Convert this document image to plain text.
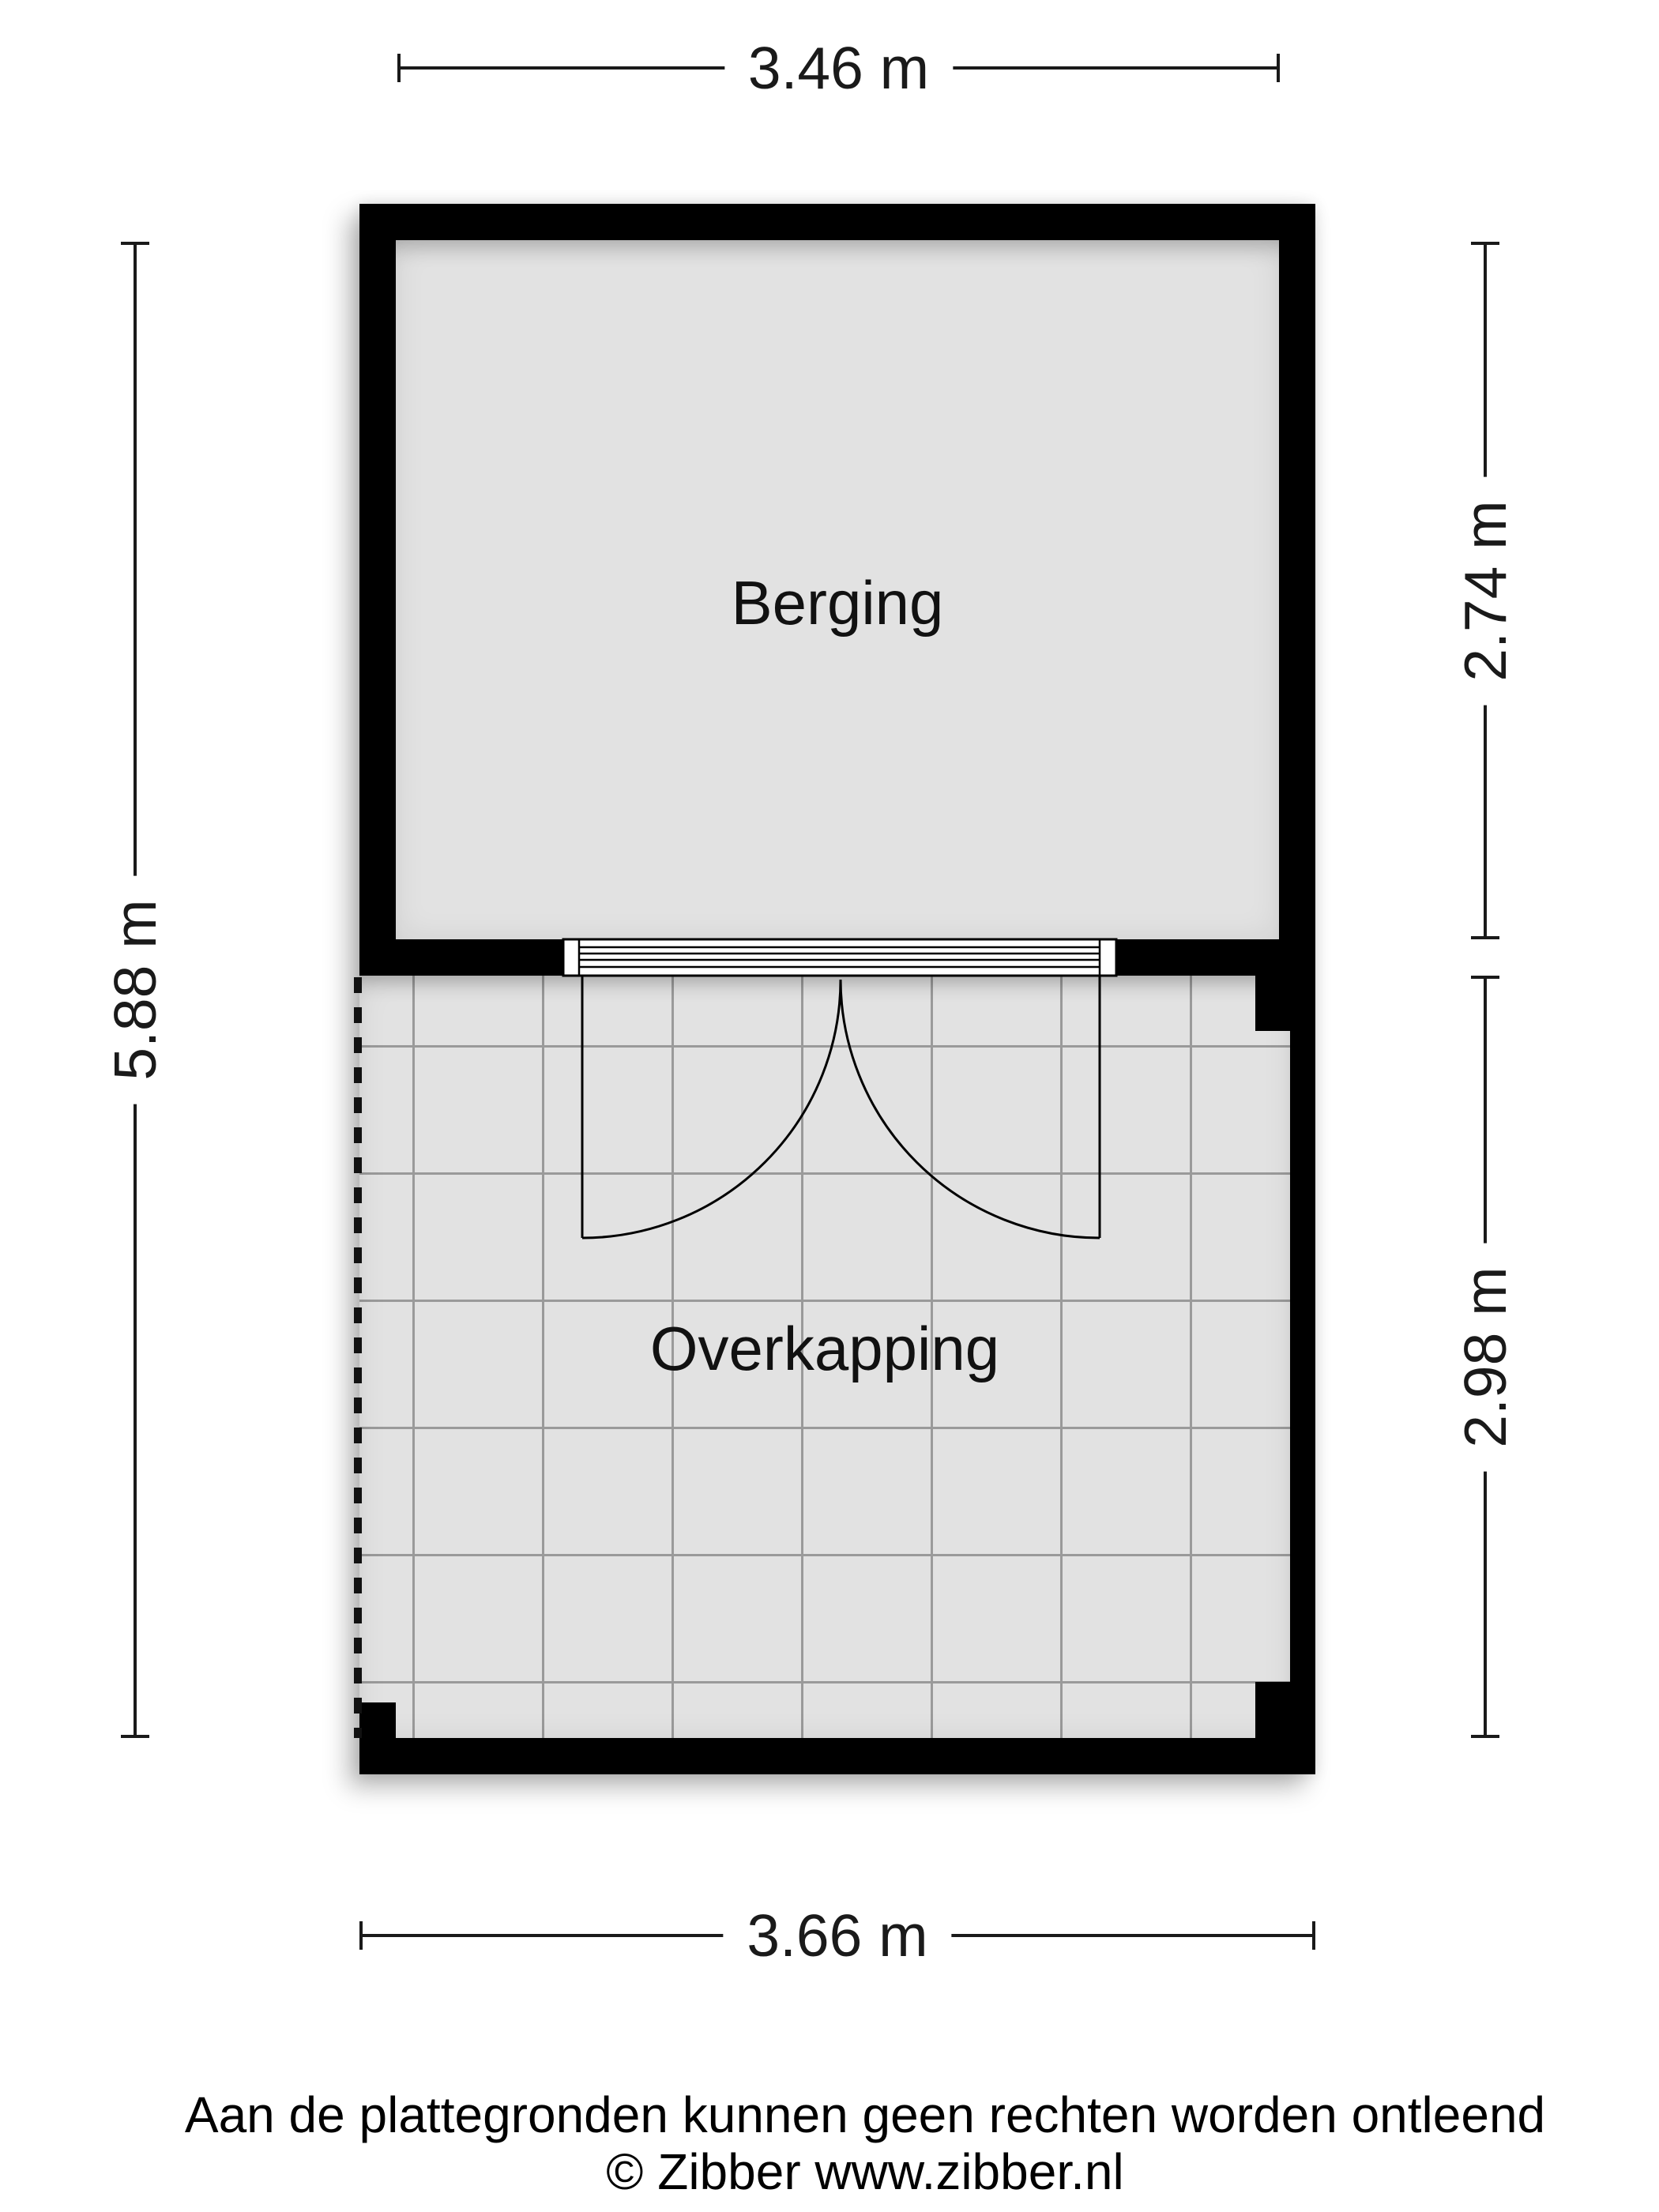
Berging
Overkapping
3.46 m
5.88 m
2.74 m
2.98 m
3.66 m
Aan de plattegronden kunnen geen rechten worden ontleend
© Zibber www.zibber.nl
